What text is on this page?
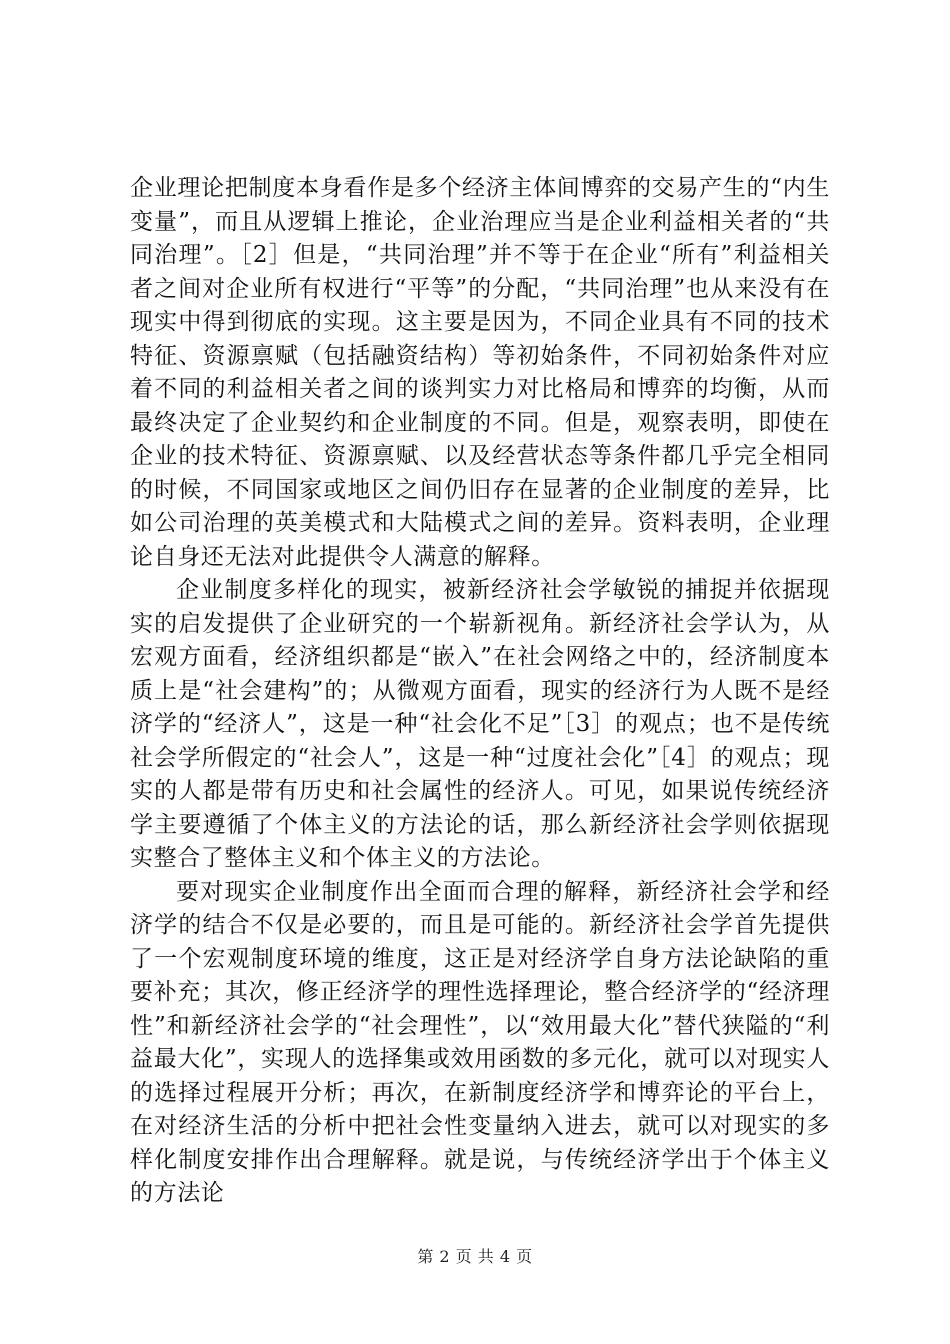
企业理论把制度本身看作是多个经济主体间博弈的交易产生的“内生变量”，而且从逻辑上推论，企业治理应当是企业利益相关者的“共同治理”。［2］但是，“共同治理”并不等于在企业“所有”利益相关者之间对企业所有权进行“平等”的分配，“共同治理”也从来没有在现实中得到彻底的实现。这主要是因为，不同企业具有不同的技术特征、资源禀赋（包括融资结构）等初始条件，不同初始条件对应着不同的利益相关者之间的谈判实力对比格局和博弈的均衡，从而最终决定了企业契约和企业制度的不同。但是，观察表明，即使在企业的技术特征、资源禀赋、以及经营状态等条件都几乎完全相同的时候，不同国家或地区之间仍旧存在显著的企业制度的差异，比如公司治理的英美模式和大陆模式之间的差异。资料表明，企业理论自身还无法对此提供令人满意的解释。

企业制度多样化的现实，被新经济社会学敏锐的捕捉并依据现实的启发提供了企业研究的一个崭新视角。新经济社会学认为，从宏观方面看，经济组织都是“嵌入”在社会网络之中的，经济制度本质上是“社会建构”的；从微观方面看，现实的经济行为人既不是经济学的“经济人”，这是一种“社会化不足”［3］的观点；也不是传统社会学所假定的“社会人”，这是一种“过度社会化”［4］的观点；现实的人都是带有历史和社会属性的经济人。可见，如果说传统经济学主要遵循了个体主义的方法论的话，那么新经济社会学则依据现实整合了整体主义和个体主义的方法论。

要对现实企业制度作出全面而合理的解释，新经济社会学和经济学的结合不仅是必要的，而且是可能的。新经济社会学首先提供了一个宏观制度环境的维度，这正是对经济学自身方法论缺陷的重要补充；其次，修正经济学的理性选择理论，整合经济学的“经济理性”和新经济社会学的“社会理性”，以“效用最大化”替代狭隘的“利益最大化”，实现人的选择集或效用函数的多元化，就可以对现实人的选择过程展开分析；再次，在新制度经济学和博弈论的平台上，在对经济生活的分析中把社会性变量纳入进去，就可以对现实的多样化制度安排作出合理解释。就是说，与传统经济学出于个体主义的方法论

第 2 页 共 4 页
